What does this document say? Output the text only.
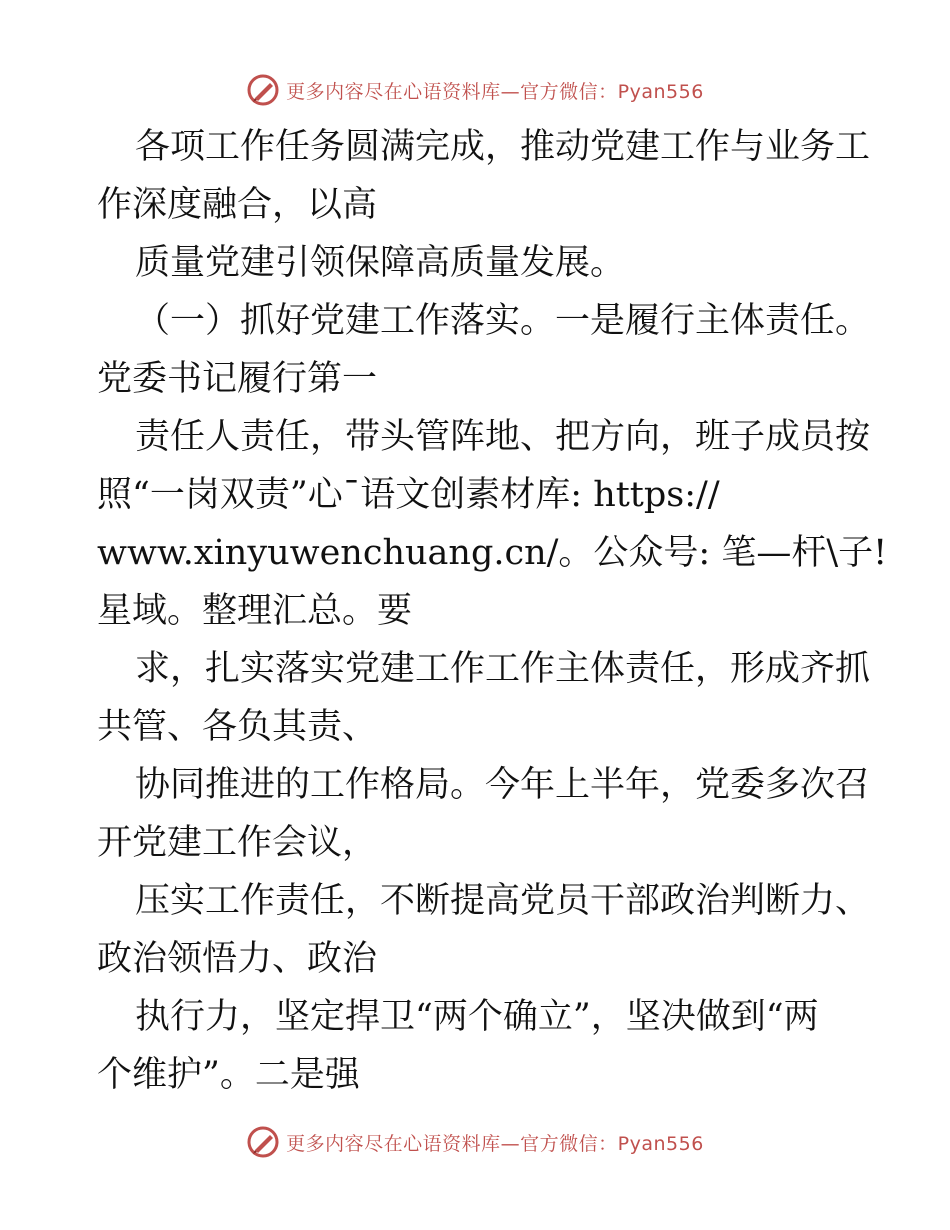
更多内容尽在心语资料库—官方微信：Pyan556
各项工作任务圆满完成，推动党建工作与业务工
作深度融合，以高
质量党建引领保障高质量发展。
（一）抓好党建工作落实。一是履行主体责任。
党委书记履行第一
责任人责任，带头管阵地、把方向，班子成员按
照“一岗双责”心¯语文创素材库: https://
www.xinyuwenchuang.cn/。公众号: 笔—杆\子!
星域。整理汇总。要
求，扎实落实党建工作工作主体责任，形成齐抓
共管、各负其责、
协同推进的工作格局。今年上半年，党委多次召
开党建工作会议，
压实工作责任，不断提高党员干部政治判断力、
政治领悟力、政治
执行力，坚定捍卫“两个确立”，坚决做到“两
个维护”。二是强
更多内容尽在心语资料库—官方微信：Pyan556
